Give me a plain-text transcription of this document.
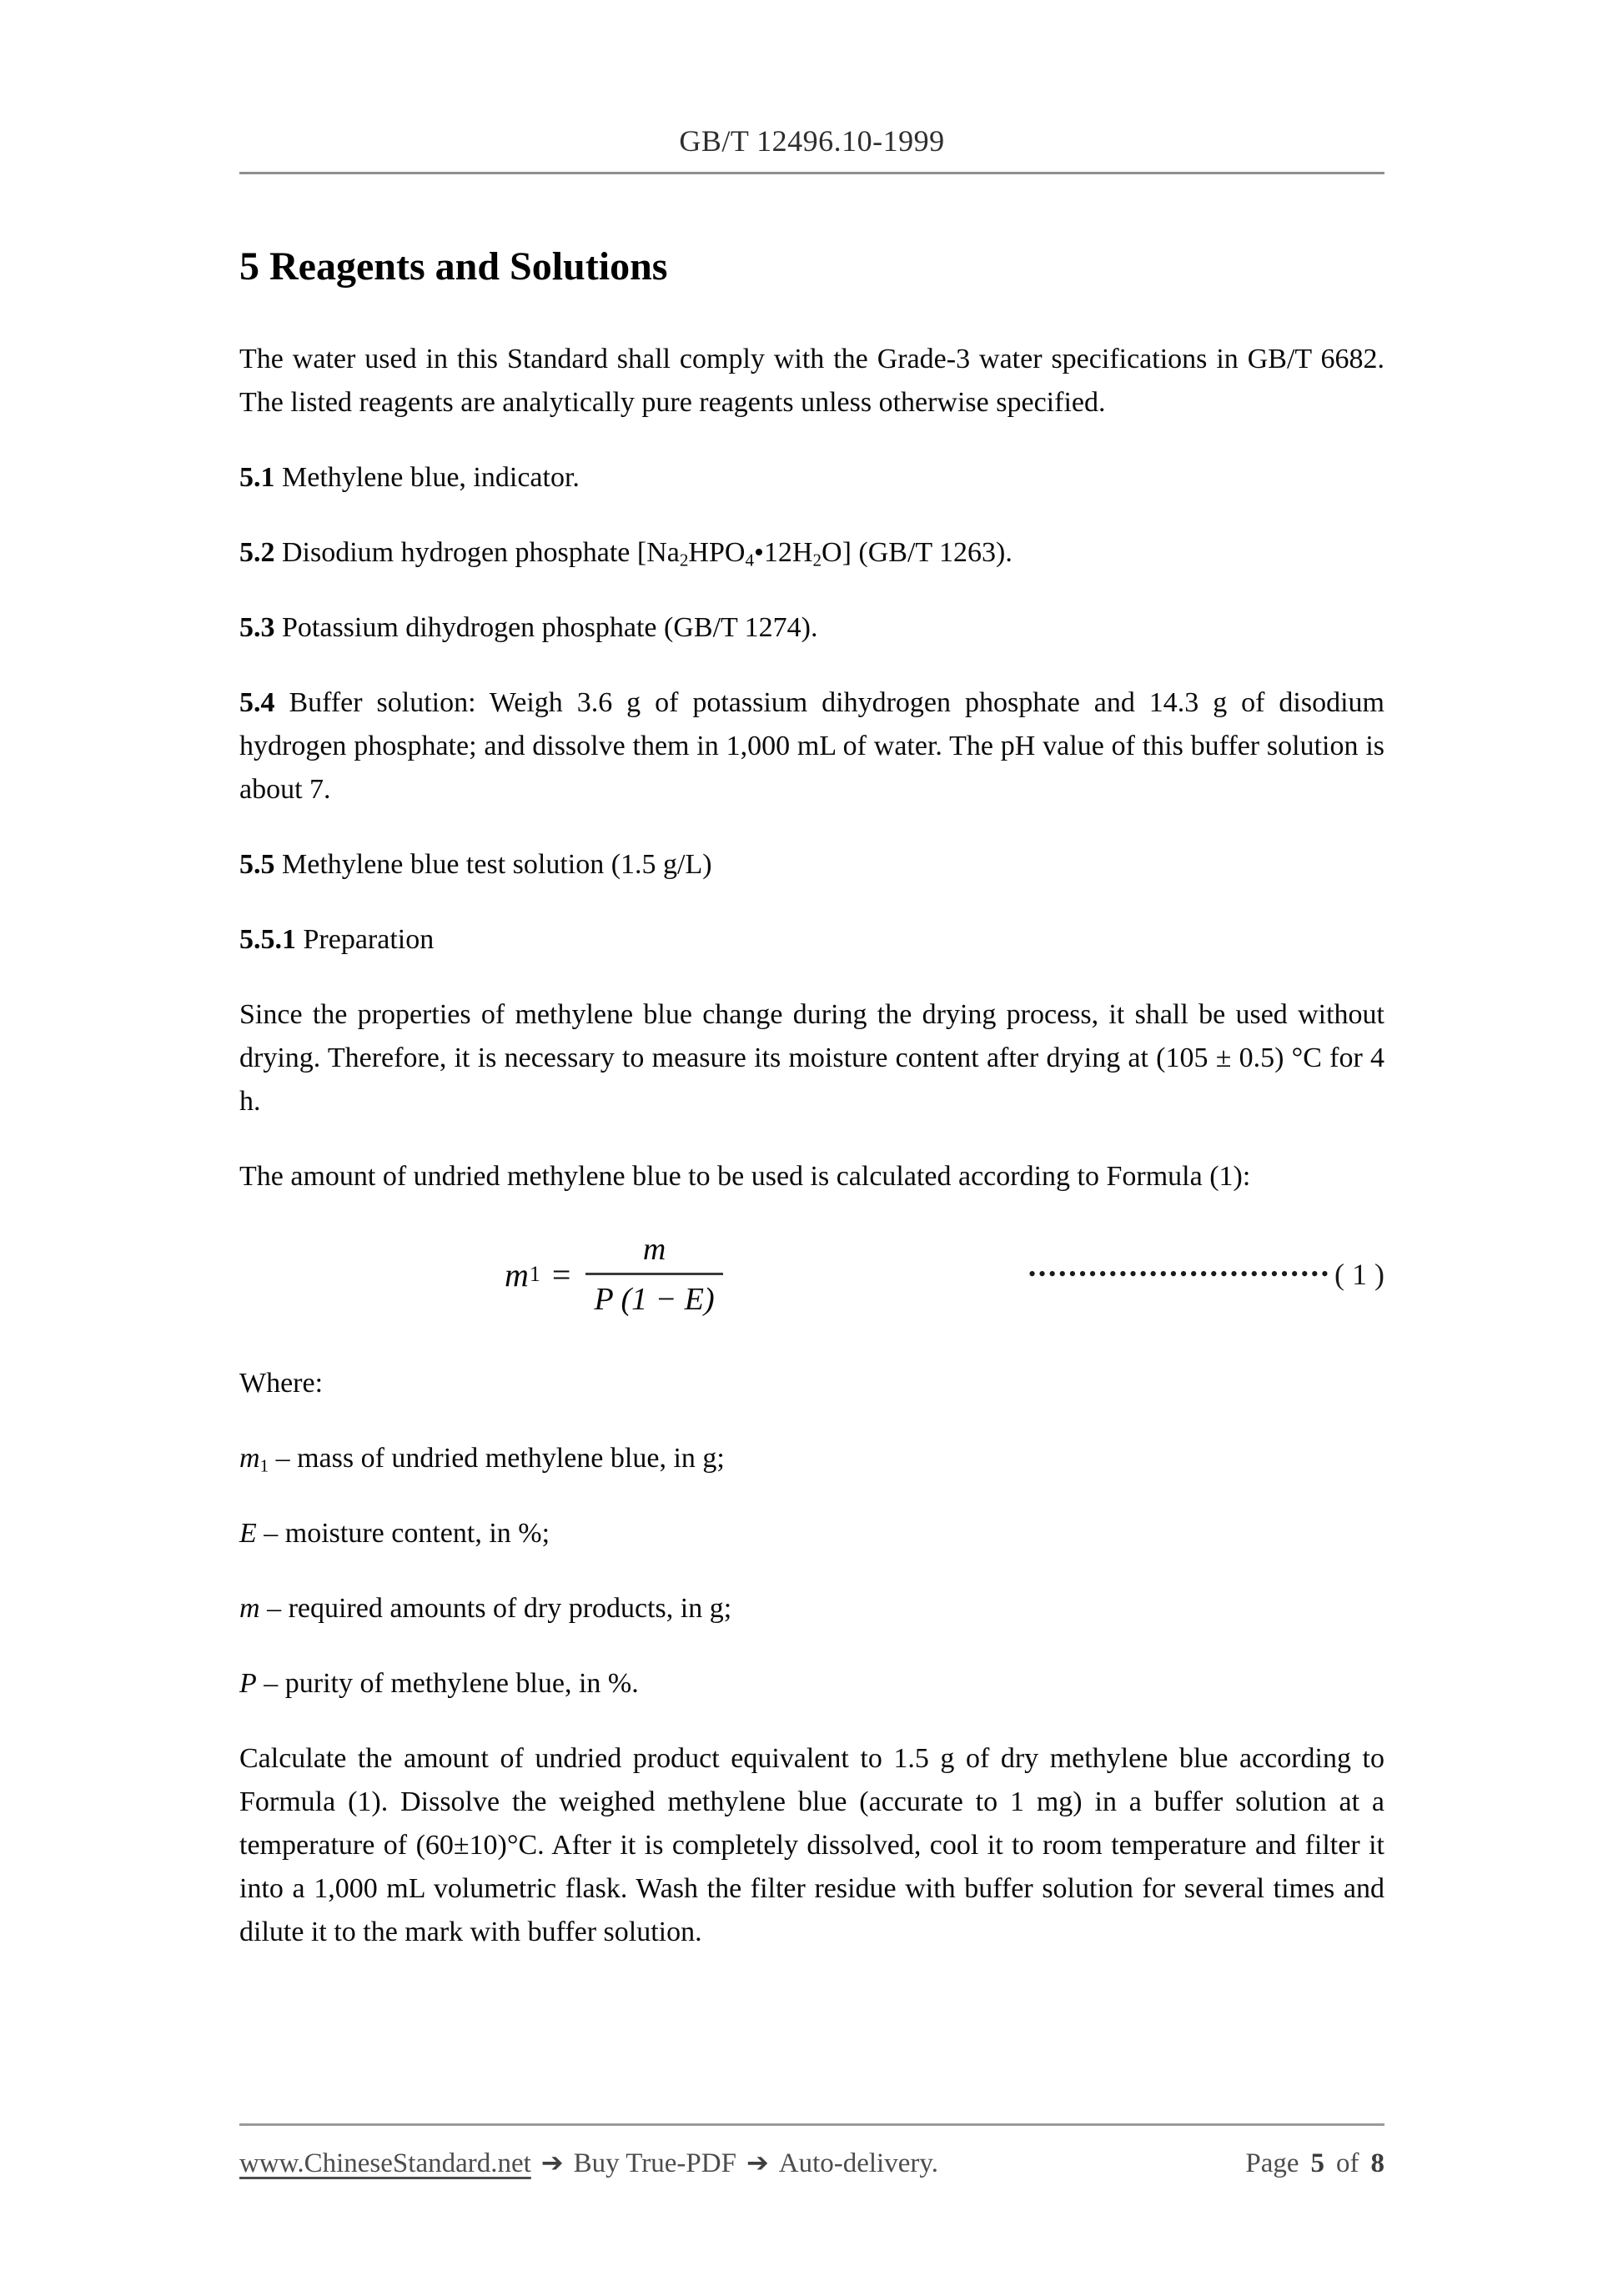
GB/T 12496.10-1999
5 Reagents and Solutions

The water used in this Standard shall comply with the Grade-3 water specifications in GB/T 6682. The listed reagents are analytically pure reagents unless otherwise specified.

5.1 Methylene blue, indicator.

5.2 Disodium hydrogen phosphate [Na2HPO4•12H2O] (GB/T 1263).

5.3 Potassium dihydrogen phosphate (GB/T 1274).

5.4 Buffer solution: Weigh 3.6 g of potassium dihydrogen phosphate and 14.3 g of disodium hydrogen phosphate; and dissolve them in 1,000 mL of water. The pH value of this buffer solution is about 7.

5.5 Methylene blue test solution (1.5 g/L)

5.5.1 Preparation

Since the properties of methylene blue change during the drying process, it shall be used without drying. Therefore, it is necessary to measure its moisture content after drying at (105 ± 0.5) °C for 4 h.

The amount of undried methylene blue to be used is calculated according to Formula (1):

m $1 = \frac{m}{P (1 - E)}$	•••••••••••••••••••••••••••••• ( 1 )

Where:

m1 – mass of undried methylene blue, in g;

E – moisture content, in %;

m – required amounts of dry products, in g;

P – purity of methylene blue, in %.

Calculate the amount of undried product equivalent to 1.5 g of dry methylene blue according to Formula (1). Dissolve the weighed methylene blue (accurate to 1 mg) in a buffer solution at a temperature of (60±10)°C. After it is completely dissolved, cool it to room temperature and filter it into a 1,000 mL volumetric flask. Wash the filter residue with buffer solution for several times and dilute it to the mark with buffer solution.

www.ChineseStandard.net ➔ Buy True-PDF ➔ Auto-delivery.	Page 5 of 8
